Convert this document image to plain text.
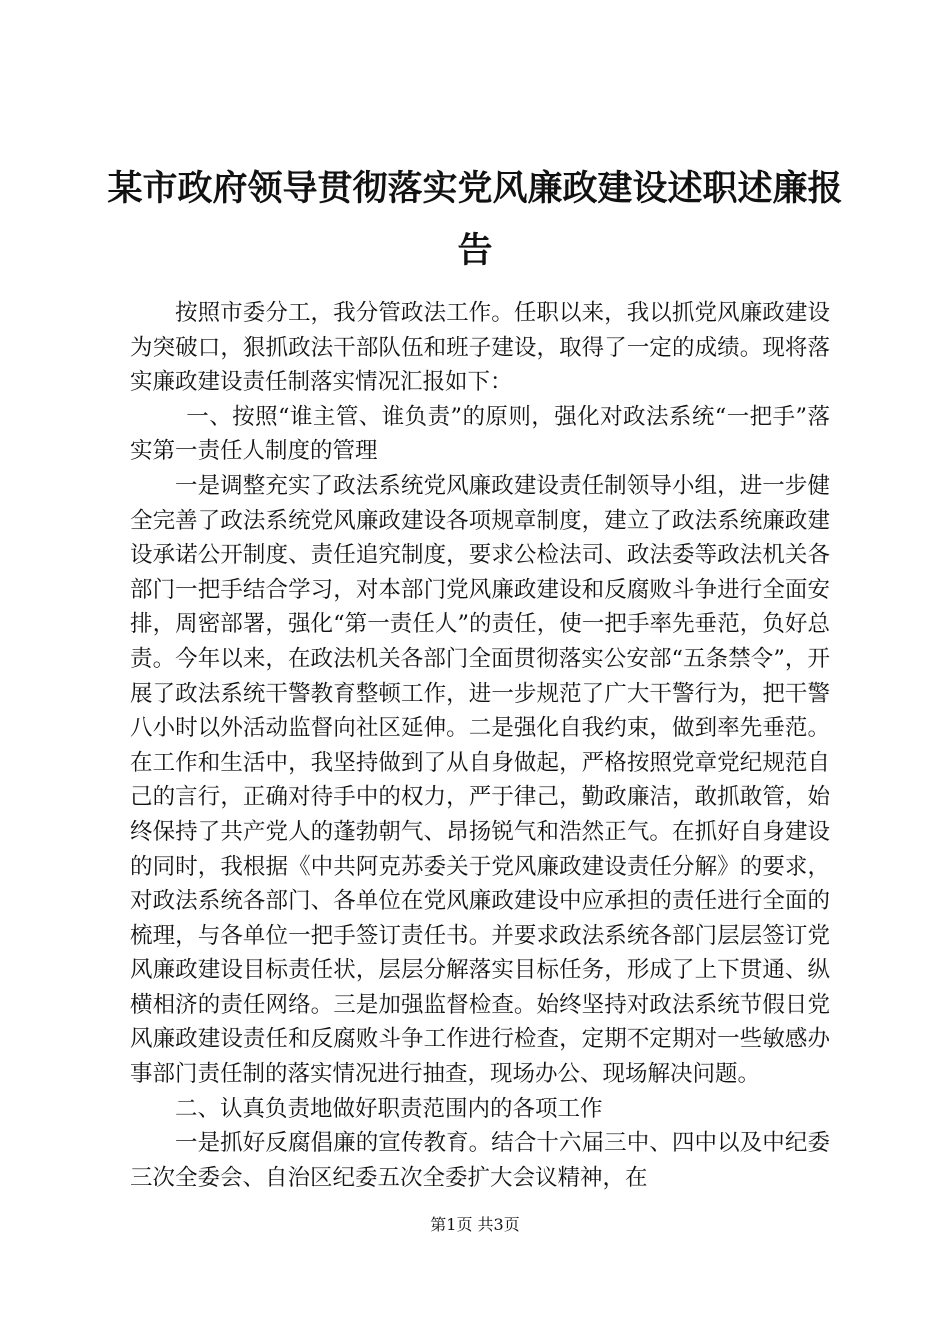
某市政府领导贯彻落实党风廉政建设述职述廉报告

按照市委分工，我分管政法工作。任职以来，我以抓党风廉政建设为突破口，狠抓政法干部队伍和班子建设，取得了一定的成绩。现将落实廉政建设责任制落实情况汇报如下：

一、按照“谁主管、谁负责”的原则，强化对政法系统“一把手”落实第一责任人制度的管理

一是调整充实了政法系统党风廉政建设责任制领导小组，进一步健全完善了政法系统党风廉政建设各项规章制度，建立了政法系统廉政建设承诺公开制度、责任追究制度，要求公检法司、政法委等政法机关各部门一把手结合学习，对本部门党风廉政建设和反腐败斗争进行全面安排，周密部署，强化“第一责任人”的责任，使一把手率先垂范，负好总责。今年以来，在政法机关各部门全面贯彻落实公安部“五条禁令”，开展了政法系统干警教育整顿工作，进一步规范了广大干警行为，把干警八小时以外活动监督向社区延伸。二是强化自我约束，做到率先垂范。在工作和生活中，我坚持做到了从自身做起，严格按照党章党纪规范自己的言行，正确对待手中的权力，严于律己，勤政廉洁，敢抓敢管，始终保持了共产党人的蓬勃朝气、昂扬锐气和浩然正气。在抓好自身建设的同时，我根据《中共阿克苏委关于党风廉政建设责任分解》的要求，对政法系统各部门、各单位在党风廉政建设中应承担的责任进行全面的梳理，与各单位一把手签订责任书。并要求政法系统各部门层层签订党风廉政建设目标责任状，层层分解落实目标任务，形成了上下贯通、纵横相济的责任网络。三是加强监督检查。始终坚持对政法系统节假日党风廉政建设责任和反腐败斗争工作进行检查，定期不定期对一些敏感办事部门责任制的落实情况进行抽查，现场办公、现场解决问题。

二、认真负责地做好职责范围内的各项工作

一是抓好反腐倡廉的宣传教育。结合十六届三中、四中以及中纪委三次全委会、自治区纪委五次全委扩大会议精神，在

第1页 共3页
